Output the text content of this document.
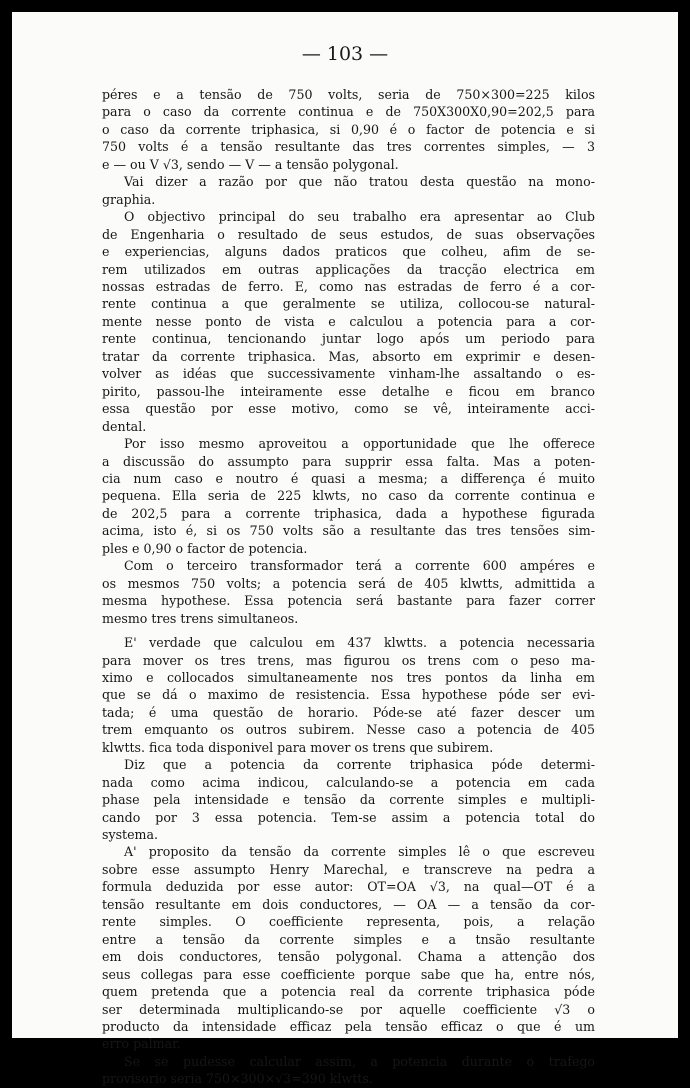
— 103 —
péres e a tensão de 750 volts, seria de 750×300=225 kilos
para o caso da corrente continua e de 750X300X0,90=202,5 para
o caso da corrente triphasica, si 0,90 é o factor de potencia e si
750 volts é a tensão resultante das tres correntes simples, — 3
e — ou V √3, sendo — V — a tensão polygonal.
Vai dizer a razão por que não tratou desta questão na mono-
graphia.
O objectivo principal do seu trabalho era apresentar ao Club
de Engenharia o resultado de seus estudos, de suas observações
e experiencias, alguns dados praticos que colheu, afim de se-
rem utilizados em outras applicações da tracção electrica em
nossas estradas de ferro. E, como nas estradas de ferro é a cor-
rente continua a que geralmente se utiliza, collocou-se natural-
mente nesse ponto de vista e calculou a potencia para a cor-
rente continua, tencionando juntar logo após um periodo para
tratar da corrente triphasica. Mas, absorto em exprimir e desen-
volver as idéas que successivamente vinham-lhe assaltando o es-
pirito, passou-lhe inteiramente esse detalhe e ficou em branco
essa questão por esse motivo, como se vê, inteiramente acci-
dental.
Por isso mesmo aproveitou a opportunidade que lhe offerece
a discussão do assumpto para supprir essa falta. Mas a poten-
cia num caso e noutro é quasi a mesma; a differença é muito
pequena. Ella seria de 225 klwts, no caso da corrente continua e
de 202,5 para a corrente triphasica, dada a hypothese figurada
acima, isto é, si os 750 volts são a resultante das tres tensões sim-
ples e 0,90 o factor de potencia.
Com o terceiro transformador terá a corrente 600 ampéres e
os mesmos 750 volts; a potencia será de 405 klwtts, admittida a
mesma hypothese. Essa potencia será bastante para fazer correr
mesmo tres trens simultaneos.
E' verdade que calculou em 437 klwtts. a potencia necessaria
para mover os tres trens, mas figurou os trens com o peso ma-
ximo e collocados simultaneamente nos tres pontos da linha em
que se dá o maximo de resistencia. Essa hypothese póde ser evi-
tada; é uma questão de horario. Póde-se até fazer descer um
trem emquanto os outros subirem. Nesse caso a potencia de 405
klwtts. fica toda disponivel para mover os trens que subirem.
Diz que a potencia da corrente triphasica póde determi-
nada como acima indicou, calculando-se a potencia em cada
phase pela intensidade e tensão da corrente simples e multipli-
cando por 3 essa potencia. Tem-se assim a potencia total do
systema.
A' proposito da tensão da corrente simples lê o que escreveu
sobre esse assumpto Henry Marechal, e transcreve na pedra a
formula deduzida por esse autor: OT=OA √3, na qual—OT é a
tensão resultante em dois conductores, — OA — a tensão da cor-
rente simples. O coefficiente representa, pois, a relação
entre a tensão da corrente simples e a tnsão resultante
em dois conductores, tensão polygonal. Chama a attenção dos
seus collegas para esse coefficiente porque sabe que ha, entre nós,
quem pretenda que a potencia real da corrente triphasica póde
ser determinada multiplicando-se por aquelle coefficiente √3 o
producto da intensidade efficaz pela tensão efficaz o que é um
erro palmar.
Se se pudesse calcular assim, a potencia durante o trafego
provisorio seria 750×300×√3=390 klwtts.
